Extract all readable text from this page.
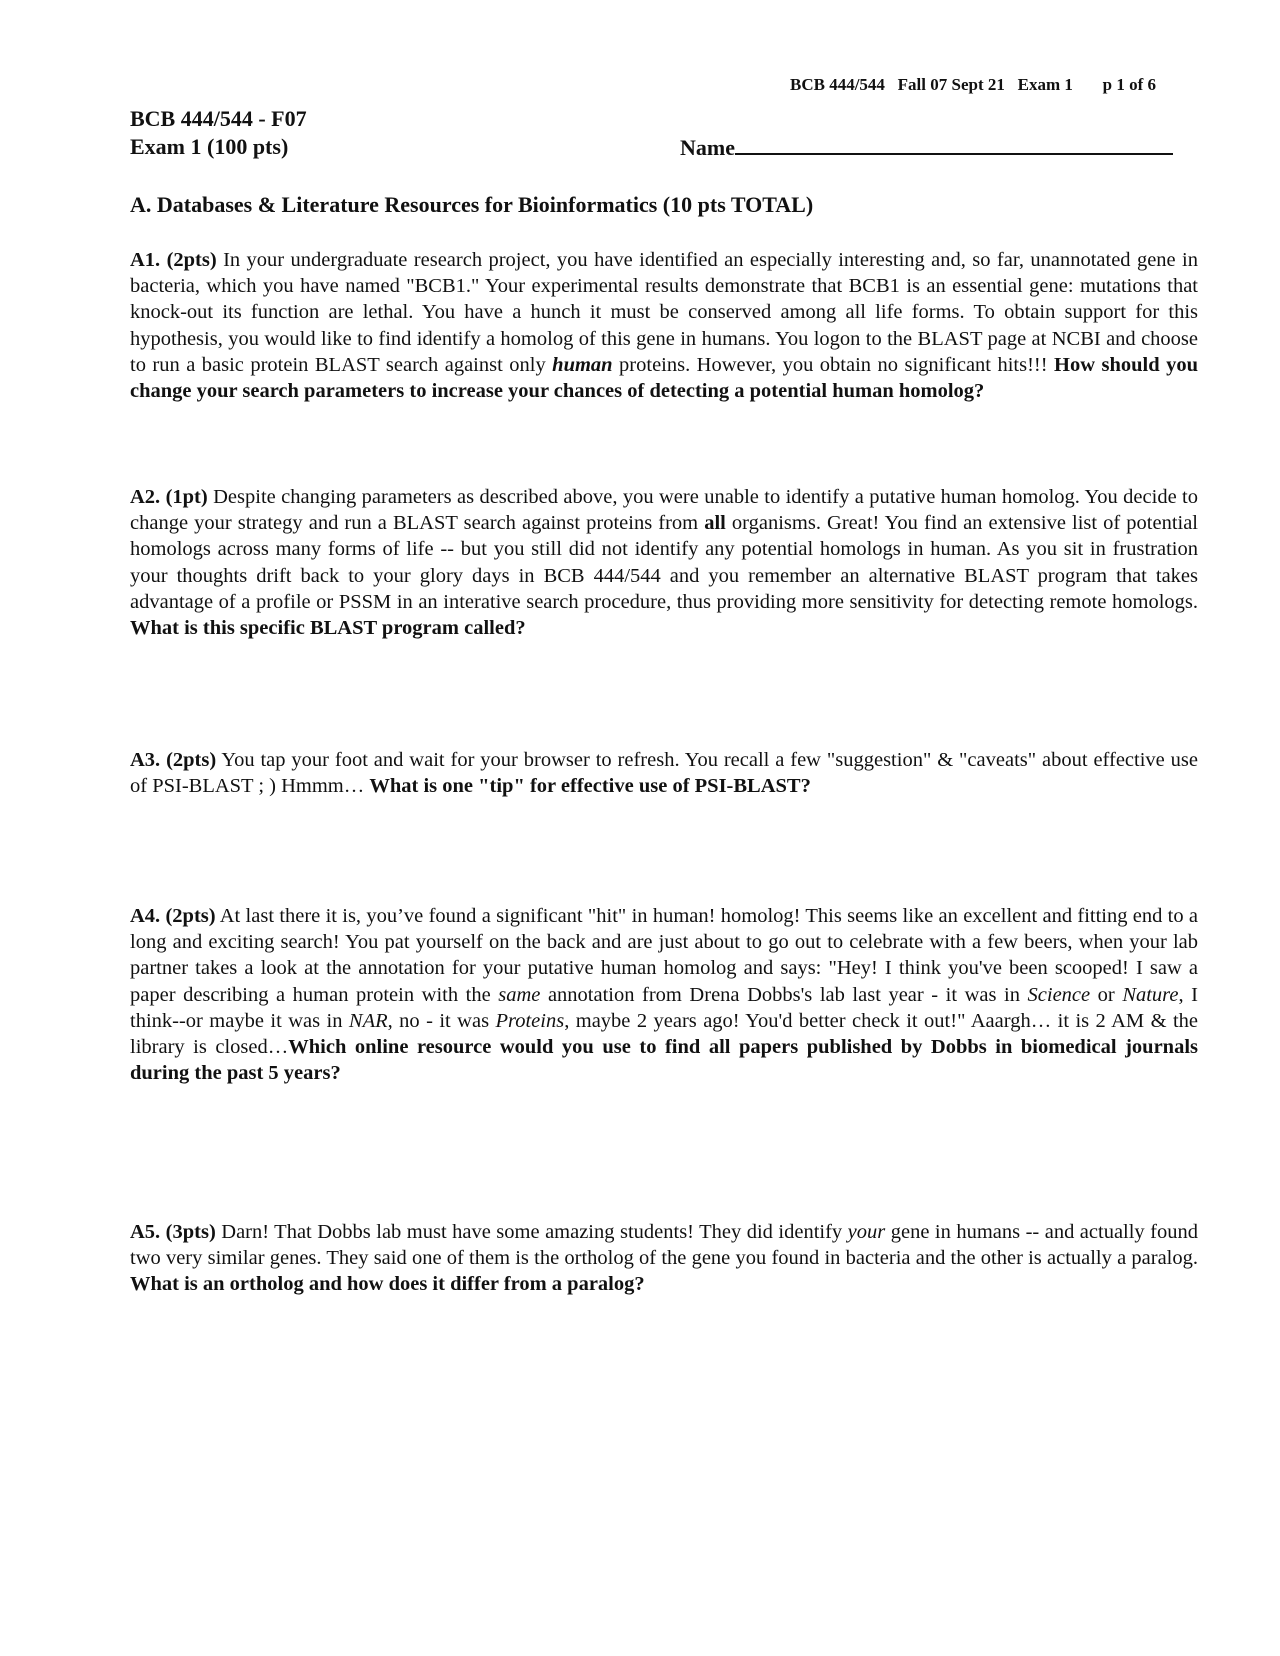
BCB 444/544   Fall 07 Sept 21   Exam 1       p 1 of 6
BCB 444/544 - F07
Exam 1 (100 pts)	Name
A. Databases & Literature Resources for Bioinformatics (10 pts TOTAL)
A1. (2pts) In your undergraduate research project, you have identified an especially interesting and, so far, unannotated gene in bacteria, which you have named "BCB1." Your experimental results demonstrate that BCB1 is an essential gene: mutations that knock-out its function are lethal. You have a hunch it must be conserved among all life forms. To obtain support for this hypothesis, you would like to find identify a homolog of this gene in humans. You logon to the BLAST page at NCBI and choose to run a basic protein BLAST search against only human proteins. However, you obtain no significant hits!!! How should you change your search parameters to increase your chances of detecting a potential human homolog?
A2. (1pt) Despite changing parameters as described above, you were unable to identify a putative human homolog. You decide to change your strategy and run a BLAST search against proteins from all organisms. Great! You find an extensive list of potential homologs across many forms of life -- but you still did not identify any potential homologs in human. As you sit in frustration your thoughts drift back to your glory days in BCB 444/544 and you remember an alternative BLAST program that takes advantage of a profile or PSSM in an interative search procedure, thus providing more sensitivity for detecting remote homologs. What is this specific BLAST program called?
A3. (2pts) You tap your foot and wait for your browser to refresh. You recall a few "suggestion" & "caveats" about effective use of PSI-BLAST ; ) Hmmm… What is one "tip" for effective use of PSI-BLAST?
A4. (2pts) At last there it is, you’ve found a significant "hit" in human! homolog! This seems like an excellent and fitting end to a long and exciting search! You pat yourself on the back and are just about to go out to celebrate with a few beers, when your lab partner takes a look at the annotation for your putative human homolog and says: "Hey! I think you've been scooped! I saw a paper describing a human protein with the same annotation from Drena Dobbs's lab last year - it was in Science or Nature, I think--or maybe it was in NAR, no - it was Proteins, maybe 2 years ago! You'd better check it out!" Aaargh… it is 2 AM & the library is closed…Which online resource would you use to find all papers published by Dobbs in biomedical journals during the past 5 years?
A5. (3pts) Darn! That Dobbs lab must have some amazing students! They did identify your gene in humans -- and actually found two very similar genes. They said one of them is the ortholog of the gene you found in bacteria and the other is actually a paralog. What is an ortholog and how does it differ from a paralog?
